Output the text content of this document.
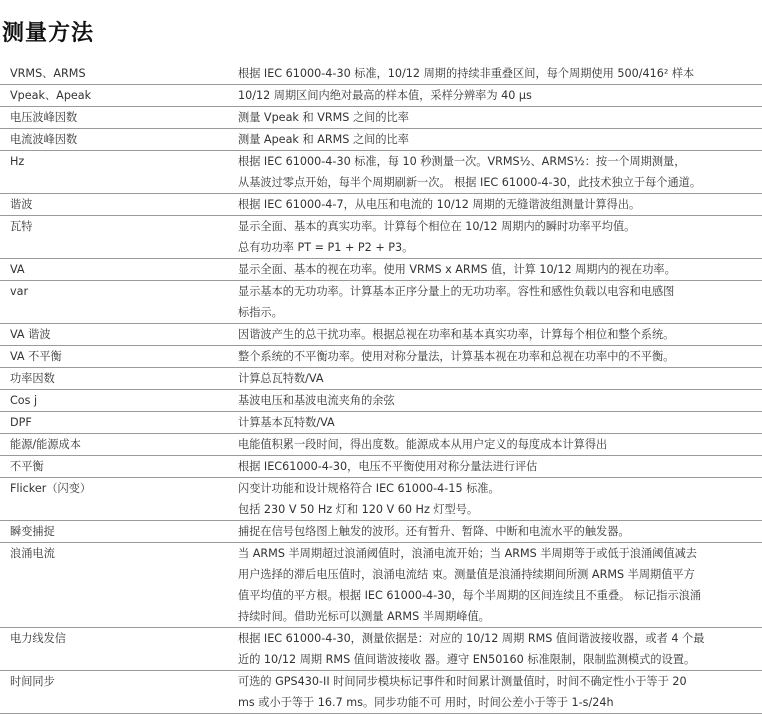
测量方法
VRMS、ARMS	根据 IEC 61000-4-30 标准，10/12 周期的持续非重叠区间，每个周期使用 500/416² 样本

Vpeak、Apeak	10/12 周期区间内绝对最高的样本值，采样分辨率为 40 μs

电压波峰因数	测量 Vpeak 和 VRMS 之间的比率

电流波峰因数	测量 Apeak 和 ARMS 之间的比率

Hz	根据 IEC 61000-4-30 标准，每 10 秒测量一次。VRMS½、ARMS½：按一个周期测量，
从基波过零点开始，每半个周期刷新一次。 根据 IEC 61000-4-30，此技术独立于每个通道。

谐波	根据 IEC 61000-4-7，从电压和电流的 10/12 周期的无缝谐波组测量计算得出。

瓦特	显示全面、基本的真实功率。计算每个相位在 10/12 周期内的瞬时功率平均值。
总有功功率 PT = P1 + P2 + P3。

VA	显示全面、基本的视在功率。使用 VRMS x ARMS 值，计算 10/12 周期内的视在功率。

var	显示基本的无功功率。计算基本正序分量上的无功功率。容性和感性负载以电容和电感图
标指示。

VA 谐波	因谐波产生的总干扰功率。根据总视在功率和基本真实功率，计算每个相位和整个系统。

VA 不平衡	整个系统的不平衡功率。使用对称分量法，计算基本视在功率和总视在功率中的不平衡。

功率因数	计算总瓦特数/VA

Cos j	基波电压和基波电流夹角的余弦

DPF	计算基本瓦特数/VA

能源/能源成本	电能值积累一段时间，得出度数。能源成本从用户定义的每度成本计算得出

不平衡	根据 IEC61000-4-30，电压不平衡使用对称分量法进行评估

Flicker（闪变）	闪变计功能和设计规格符合 IEC 61000-4-15 标准。
包括 230 V 50 Hz 灯和 120 V 60 Hz 灯型号。

瞬变捕捉	捕捉在信号包络图上触发的波形。还有暂升、暂降、中断和电流水平的触发器。

浪涌电流	当 ARMS 半周期超过浪涌阈值时，浪涌电流开始；当 ARMS 半周期等于或低于浪涌阈值减去
用户选择的滞后电压值时，浪涌电流结 束。测量值是浪涌持续期间所测 ARMS 半周期值平方
值平均值的平方根。根据 IEC 61000-4-30，每个半周期的区间连续且不重叠。 标记指示浪涌
持续时间。借助光标可以测量 ARMS 半周期峰值。

电力线发信	根据 IEC 61000-4-30，测量依据是：对应的 10/12 周期 RMS 值间谐波接收器，或者 4 个最
近的 10/12 周期 RMS 值间谐波接收 器。遵守 EN50160 标准限制，限制监测模式的设置。

时间同步	可选的 GPS430-II 时间同步模块标记事件和时间累计测量值时，时间不确定性小于等于 20
ms 或小于等于 16.7 ms。同步功能不可 用时，时间公差小于等于 1-s/24h
